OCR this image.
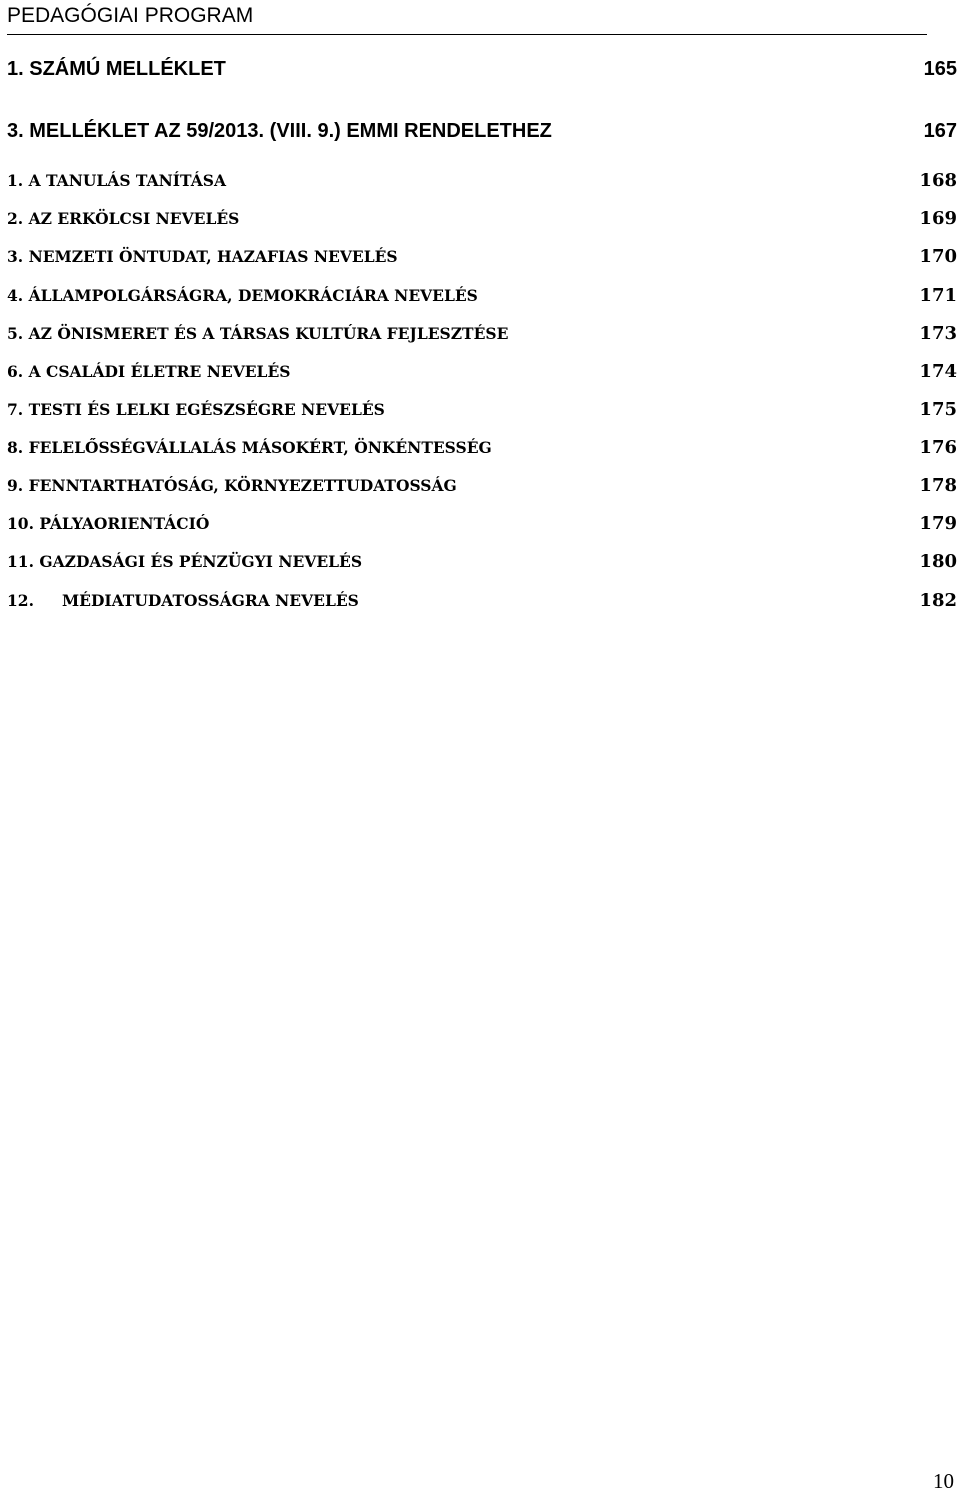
PEDAGÓGIAI PROGRAM
1. SZÁMÚ MELLÉKLET	165
3. MELLÉKLET AZ 59/2013. (VIII. 9.) EMMI RENDELETHEZ	167
1. A TANULÁS TANÍTÁSA	168
2. AZ ERKÖLCSI NEVELÉS	169
3. NEMZETI ÖNTUDAT, HAZAFIAS NEVELÉS	170
4. ÁLLAMPOLGÁRSÁGRA, DEMOKRÁCIÁRA NEVELÉS	171
5. AZ ÖNISMERET ÉS A TÁRSAS KULTÚRA FEJLESZTÉSE	173
6. A CSALÁDI ÉLETRE NEVELÉS	174
7. TESTI ÉS LELKI EGÉSZSÉGRE NEVELÉS	175
8. FELELŐSSÉGVÁLLALÁS MÁSOKÉRT, ÖNKÉNTESSÉG	176
9. FENNTARTHATÓSÁG, KÖRNYEZETTUDATOSSÁG	178
10. PÁLYAORIENTÁCIÓ	179
11. GAZDASÁGI ÉS PÉNZÜGYI NEVELÉS	180
12. MÉDIATUDATOSSÁGRA NEVELÉS	182
10
